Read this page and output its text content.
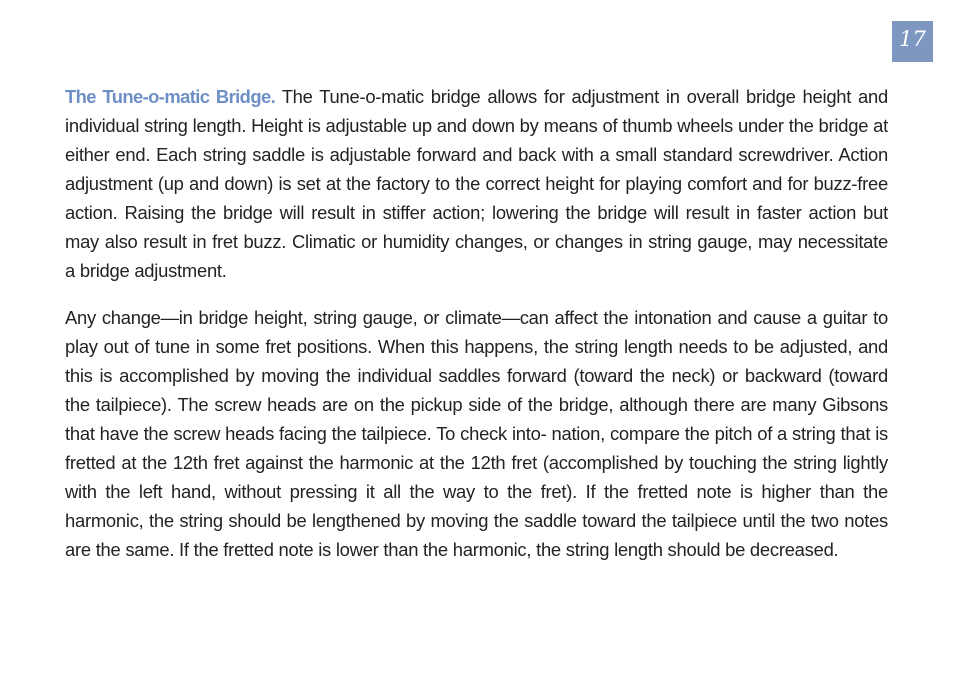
17

The Tune-o-matic Bridge. The Tune-o-matic bridge allows for adjustment in overall bridge height and individual string length. Height is adjustable up and down by means of thumb wheels under the bridge at either end. Each string saddle is adjustable forward and back with a small standard screwdriver. Action adjustment (up and down) is set at the factory to the correct height for playing comfort and for buzz-free action. Raising the bridge will result in stiffer action; lowering the bridge will result in faster action but may also result in fret buzz. Climatic or humidity changes, or changes in string gauge, may necessitate a bridge adjustment.

Any change—in bridge height, string gauge, or climate—can affect the intonation and cause a guitar to play out of tune in some fret positions. When this happens, the string length needs to be adjusted, and this is accomplished by moving the individual saddles forward (toward the neck) or backward (toward the tailpiece). The screw heads are on the pickup side of the bridge, although there are many Gibsons that have the screw heads facing the tailpiece. To check into- nation, compare the pitch of a string that is fretted at the 12th fret against the harmonic at the 12th fret (accomplished by touching the string lightly with the left hand, without pressing it all the way to the fret). If the fretted note is higher than the harmonic, the string should be lengthened by moving the saddle toward the tailpiece until the two notes are the same. If the fretted note is lower than the harmonic, the string length should be decreased.
